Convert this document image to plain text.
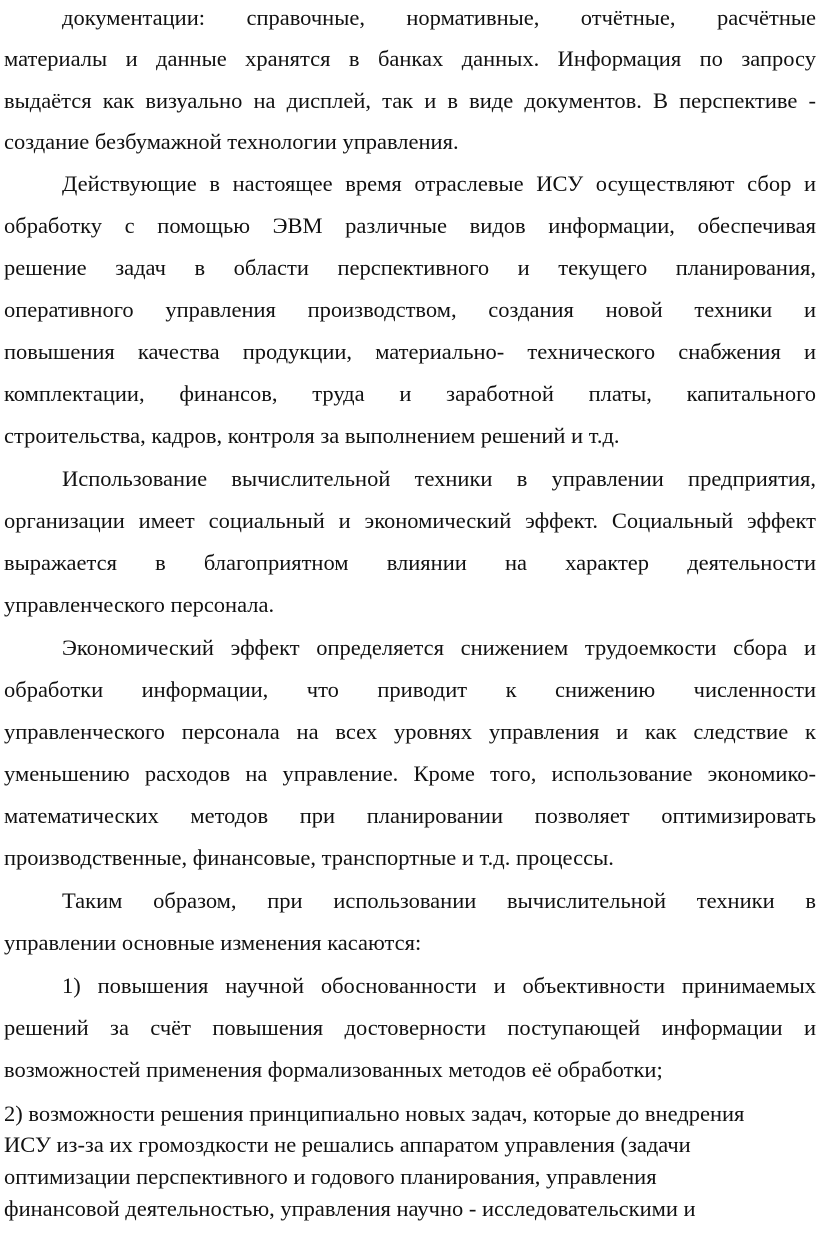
документации: справочные, нормативные, отчётные, расчётные
материалы и данные хранятся в банках данных. Информация по запросу
выдаётся как визуально на дисплей, так и в виде документов. В перспективе -
создание безбумажной технологии управления.
Действующие в настоящее время отраслевые ИСУ осуществляют сбор и
обработку с помощью ЭВМ различные видов информации, обеспечивая
решение задач в области перспективного и текущего планирования,
оперативного управления производством, создания новой техники и
повышения качества продукции, материально- технического снабжения и
комплектации, финансов, труда и заработной платы, капитального
строительства, кадров, контроля за выполнением решений и т.д.
Использование вычислительной техники в управлении предприятия,
организации имеет социальный и экономический эффект. Социальный эффект
выражается в благоприятном влиянии на характер деятельности
управленческого персонала.
Экономический эффект определяется снижением трудоемкости сбора и
обработки информации, что приводит к снижению численности
управленческого персонала на всех уровнях управления и как следствие к
уменьшению расходов на управление. Кроме того, использование экономико-
математических методов при планировании позволяет оптимизировать
производственные, финансовые, транспортные и т.д. процессы.
Таким образом, при использовании вычислительной техники в
управлении основные изменения касаются:
1) повышения научной обоснованности и объективности принимаемых
решений за счёт повышения достоверности поступающей информации и
возможностей применения формализованных методов её обработки;
2) возможности решения принципиально новых задач, которые до внедрения
ИСУ из-за их громоздкости не решались аппаратом управления (задачи
оптимизации перспективного и годового планирования, управления
финансовой деятельностью, управления научно - исследовательскими и
